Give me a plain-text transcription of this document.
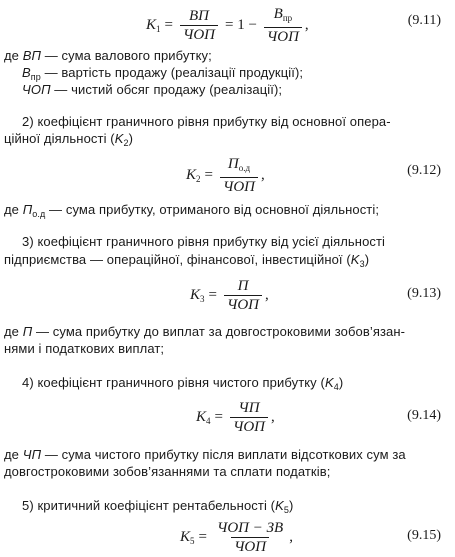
$K_1 = \frac{ВП}{\text{ЧОП}} = 1 - \frac{В_{пр}}{\text{ЧОП}}$ ,	(9.11)
де ВП — сума валового прибутку;
$В_{пр}$ — вартість продажу (реалізації продукції);
ЧОП — чистий обсяг продажу (реалізації);
2) коефіцієнт граничного рівня прибутку від основної опера-
ційної діяльності $(K_2)$
$K_2 = \frac{П_{о.д}}{\text{ЧОП}}$ ,	(9.12)
де $П_{о.д}$ — сума прибутку, отриманого від основної діяльності;
3) коефіцієнт граничного рівня прибутку від усієї діяльності
підприємства — операційної, фінансової, інвестиційної $(K_3)$
$K_3 = \frac{П}{\text{ЧОП}}$ ,	(9.13)
де П — сума прибутку до виплат за довгостроковими зобов’язан-
нями і податкових виплат;
4) коефіцієнт граничного рівня чистого прибутку $(K_4)$
$K_4 = \frac{ЧП}{\text{ЧОП}}$ ,	(9.14)
де ЧП — сума чистого прибутку після виплати відсоткових сум за
довгостроковими зобов’язаннями та сплати податків;
5) критичний коефіцієнт рентабельності $(K_5)$
$K_5 = \frac{\text{ЧОП − ЗВ}}{\text{ЧОП}}$ ,	(9.15)
